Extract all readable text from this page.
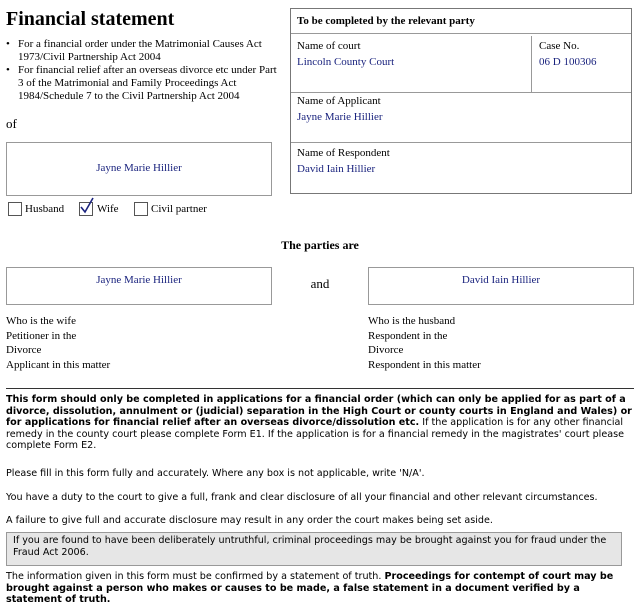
Financial statement
• For a financial order under the Matrimonial Causes Act 1973/Civil Partnership Act 2004
• For financial relief after an overseas divorce etc under Part 3 of the Matrimonial and Family Proceedings Act 1984/Schedule 7 to the Civil Partnership Act 2004
of
Jayne Marie Hillier
Husband	Wife	Civil partner
To be completed by the relevant party
Name of court
Lincoln County Court
Case No.
06 D 100306
Name of Applicant
Jayne Marie Hillier
Name of Respondent
David Iain Hillier
The parties are
Jayne Marie Hillier	and	David Iain Hillier
Who is the wife
Petitioner in the
Divorce
Applicant in this matter
Who is the husband
Respondent in the
Divorce
Respondent in this matter
This form should only be completed in applications for a financial order (which can only be applied for as part of a divorce, dissolution, annulment or (judicial) separation in the High Court or county courts in England and Wales) or for applications for financial relief after an overseas divorce/dissolution etc. If the application is for any other financial remedy in the county court please complete Form E1. If the application is for a financial remedy in the magistrates' court please complete Form E2.
Please fill in this form fully and accurately. Where any box is not applicable, write 'N/A'.
You have a duty to the court to give a full, frank and clear disclosure of all your financial and other relevant circumstances.
A failure to give full and accurate disclosure may result in any order the court makes being set aside.
If you are found to have been deliberately untruthful, criminal proceedings may be brought against you for fraud under the Fraud Act 2006.
The information given in this form must be confirmed by a statement of truth. Proceedings for contempt of court may be brought against a person who makes or causes to be made, a false statement in a document verified by a statement of truth.
